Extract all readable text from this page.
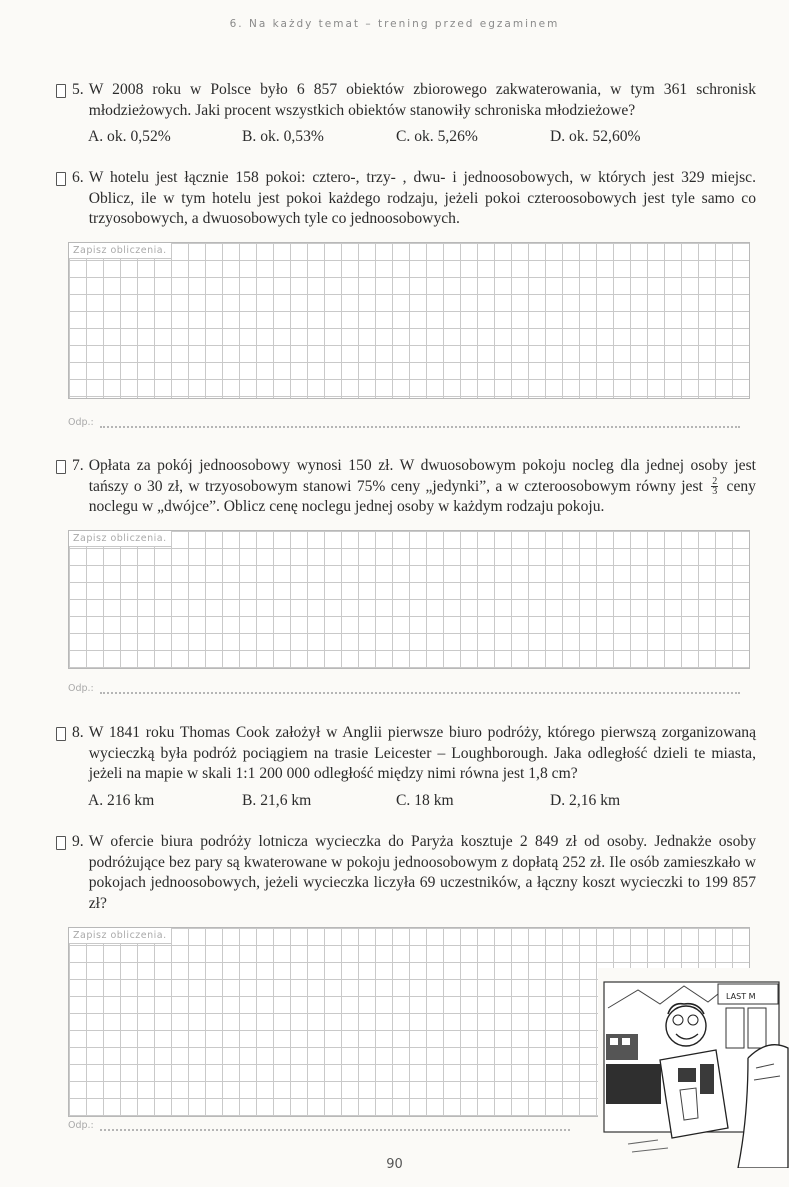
6. Na każdy temat – trening przed egzaminem
5. W 2008 roku w Polsce było 6 857 obiektów zbiorowego zakwaterowania, w tym 361 schronisk młodzieżowych. Jaki procent wszystkich obiektów stanowiły schroniska młodzieżowe?
A. ok. 0,52%	B. ok. 0,53%	C. ok. 5,26%	D. ok. 52,60%
6. W hotelu jest łącznie 158 pokoi: cztero-, trzy- , dwu- i jednoosobowych, w których jest 329 miejsc. Oblicz, ile w tym hotelu jest pokoi każdego rodzaju, jeżeli pokoi czteroosobowych jest tyle samo co trzyosobowych, a dwuosobowych tyle co jednoosobowych.
Zapisz obliczenia.
Odp.:
7. Opłata za pokój jednoosobowy wynosi 150 zł. W dwuosobowym pokoju nocleg dla jednej osoby jest tańszy o 30 zł, w trzyosobowym stanowi 75% ceny „jedynki”, a w czteroosobowym równy jest $\frac{2}{3}$ ceny noclegu w „dwójce”. Oblicz cenę noclegu jednej osoby w każdym rodzaju pokoju.
Zapisz obliczenia.
Odp.:
8. W 1841 roku Thomas Cook założył w Anglii pierwsze biuro podróży, którego pierwszą zorganizowaną wycieczką była podróż pociągiem na trasie Leicester – Loughborough. Jaka odległość dzieli te miasta, jeżeli na mapie w skali 1:1 200 000 odległość między nimi równa jest 1,8 cm?
A. 216 km	B. 21,6 km	C. 18 km	D. 2,16 km
9. W ofercie biura podróży lotnicza wycieczka do Paryża kosztuje 2 849 zł od osoby. Jednakże osoby podróżujące bez pary są kwaterowane w pokoju jednoosobowym z dopłatą 252 zł. Ile osób zamieszkało w pokojach jednoosobowych, jeżeli wycieczka liczyła 69 uczestników, a łączny koszt wycieczki to 199 857 zł?
Zapisz obliczenia.
Odp.:
LAST M
90
